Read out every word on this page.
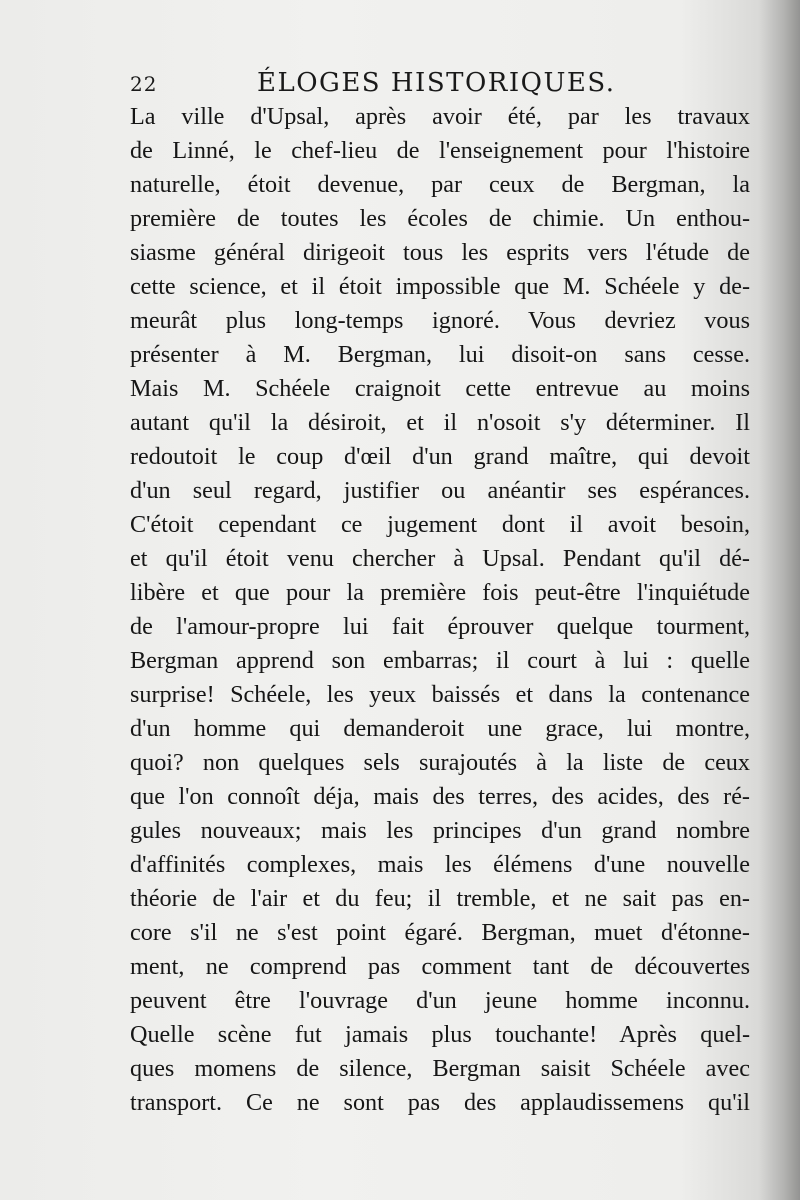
22	ÉLOGES HISTORIQUES.
La ville d'Upsal, après avoir été, par les travaux
de Linné, le chef-lieu de l'enseignement pour l'histoire
naturelle, étoit devenue, par ceux de Bergman, la
première de toutes les écoles de chimie. Un enthou-
siasme général dirigeoit tous les esprits vers l'étude de
cette science, et il étoit impossible que M. Schéele y de-
meurât plus long-temps ignoré. Vous devriez vous
présenter à M. Bergman, lui disoit-on sans cesse.
Mais M. Schéele craignoit cette entrevue au moins
autant qu'il la désiroit, et il n'osoit s'y déterminer. Il
redoutoit le coup d'œil d'un grand maître, qui devoit
d'un seul regard, justifier ou anéantir ses espérances.
C'étoit cependant ce jugement dont il avoit besoin,
et qu'il étoit venu chercher à Upsal. Pendant qu'il dé-
libère et que pour la première fois peut-être l'inquiétude
de l'amour-propre lui fait éprouver quelque tourment,
Bergman apprend son embarras; il court à lui : quelle
surprise! Schéele, les yeux baissés et dans la contenance
d'un homme qui demanderoit une grace, lui montre,
quoi? non quelques sels surajoutés à la liste de ceux
que l'on connoît déja, mais des terres, des acides, des ré-
gules nouveaux; mais les principes d'un grand nombre
d'affinités complexes, mais les élémens d'une nouvelle
théorie de l'air et du feu; il tremble, et ne sait pas en-
core s'il ne s'est point égaré. Bergman, muet d'étonne-
ment, ne comprend pas comment tant de découvertes
peuvent être l'ouvrage d'un jeune homme inconnu.
Quelle scène fut jamais plus touchante! Après quel-
ques momens de silence, Bergman saisit Schéele avec
transport. Ce ne sont pas des applaudissemens qu'il
